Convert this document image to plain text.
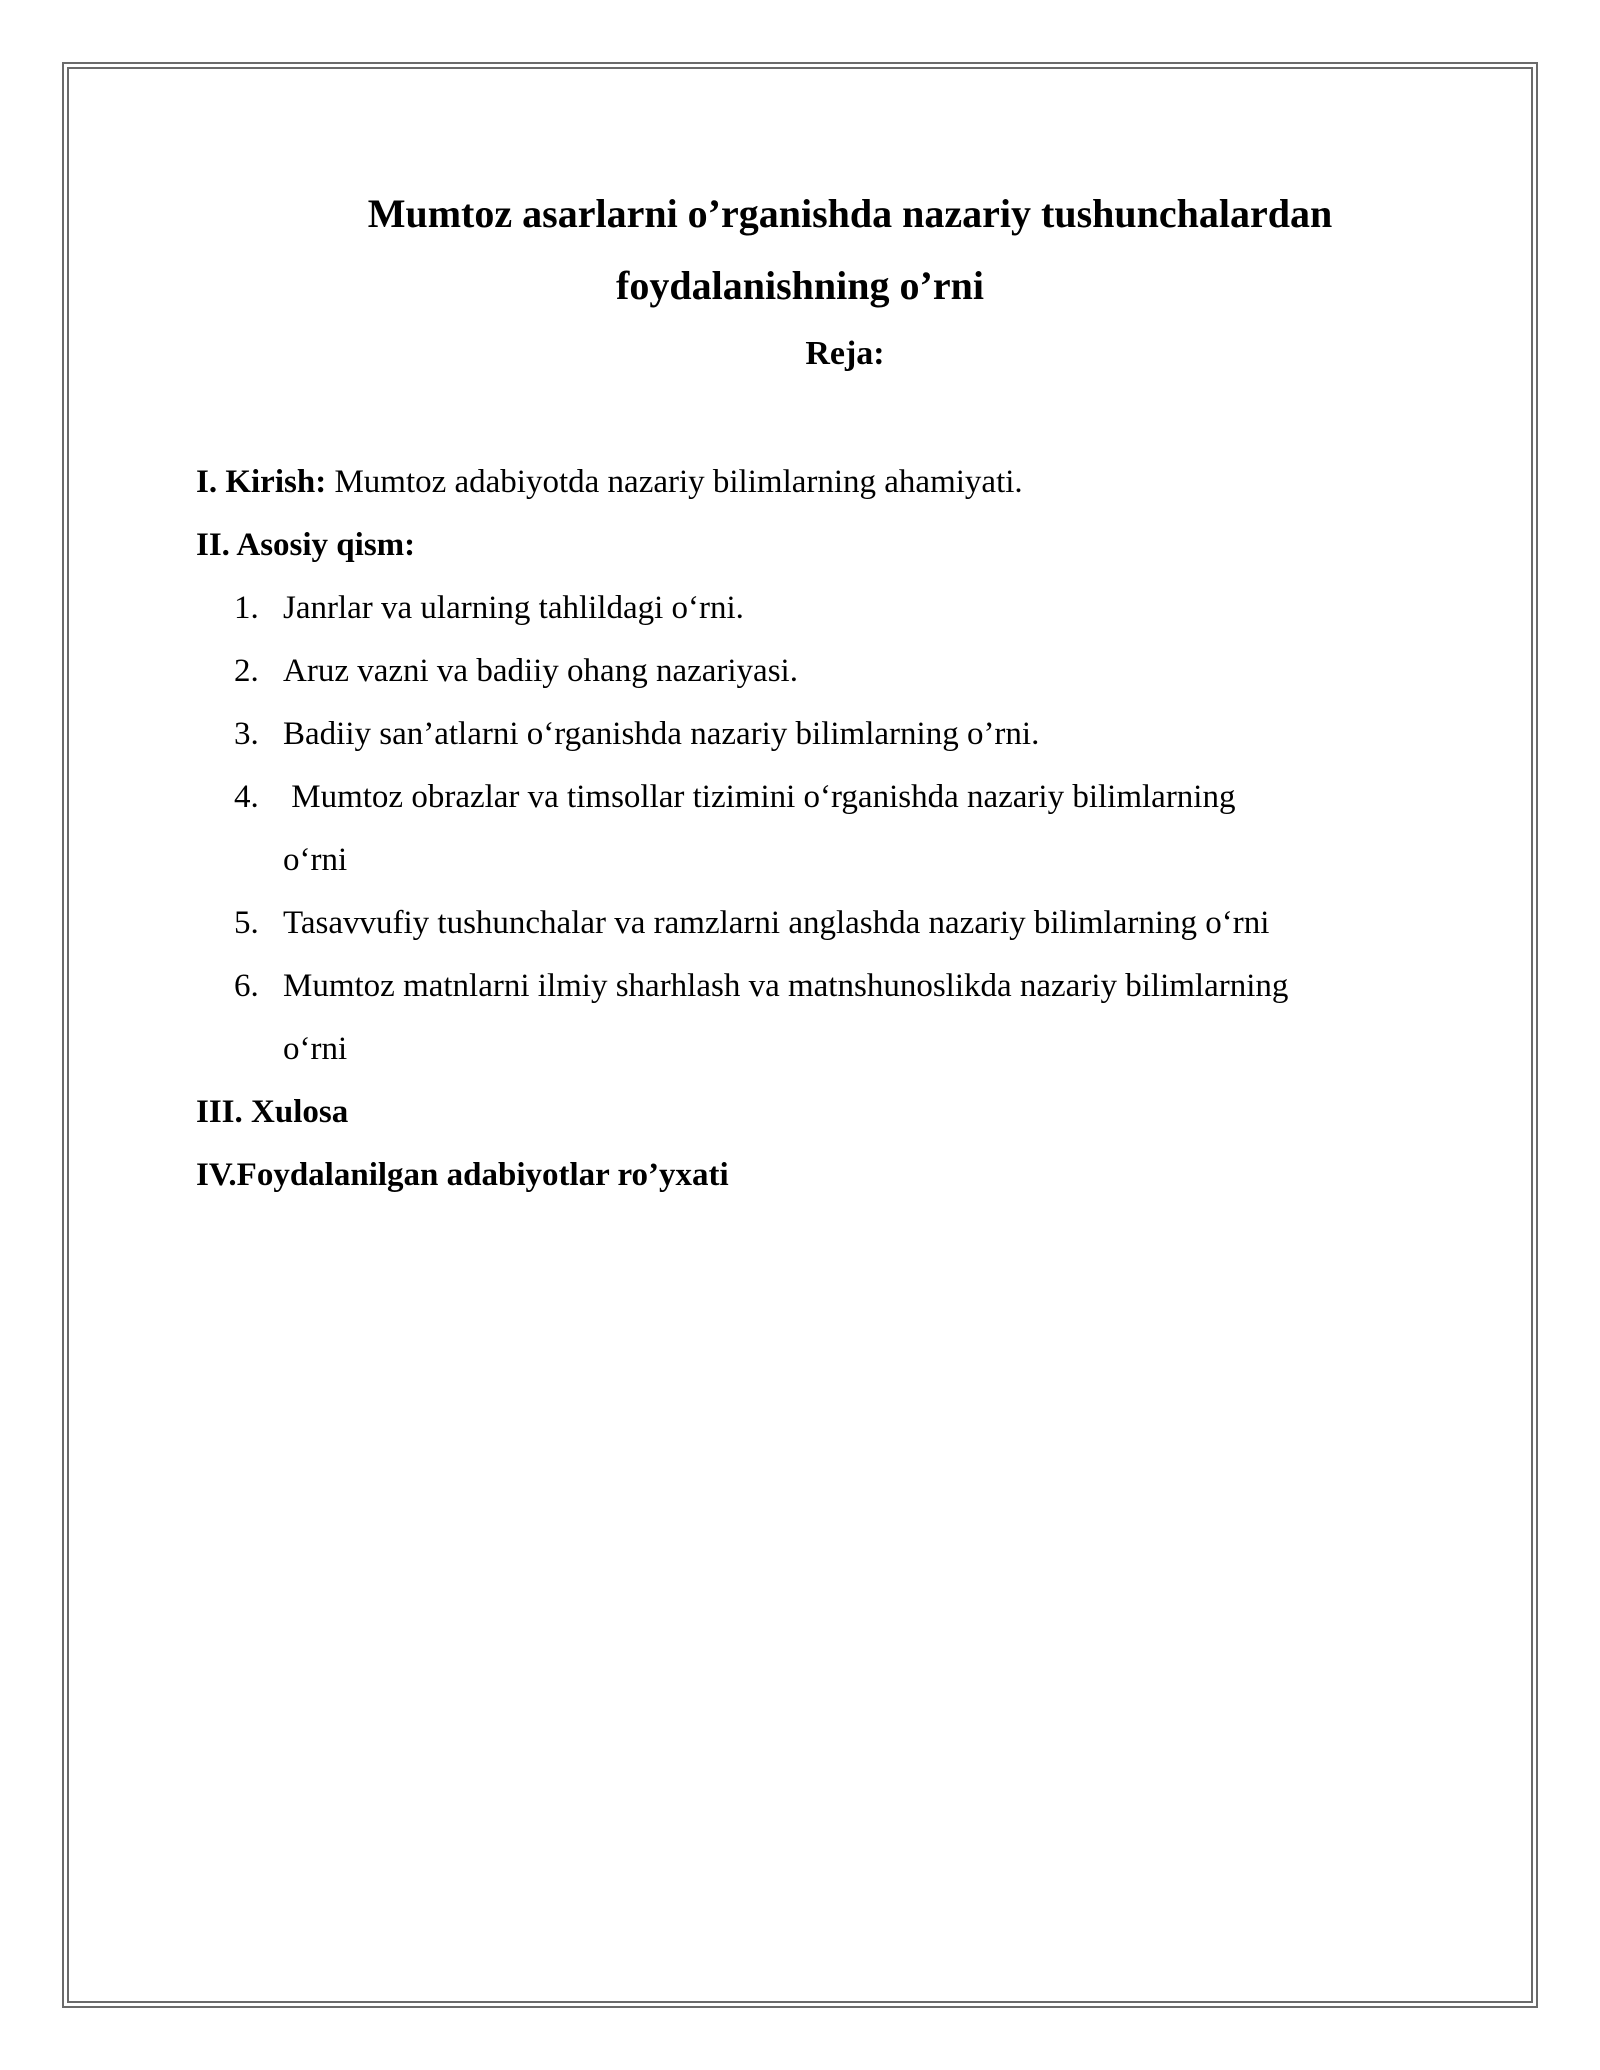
Mumtoz asarlarni o’rganishda nazariy tushunchalardan
foydalanishning o’rni
Reja:
I. Kirish: Mumtoz adabiyotda nazariy bilimlarning ahamiyati.
II. Asosiy qism:
1. Janrlar va ularning tahlildagi o‘rni.
2. Aruz vazni va badiiy ohang nazariyasi.
3. Badiiy san’atlarni o‘rganishda nazariy bilimlarning o’rni.
4. Mumtoz obrazlar va timsollar tizimini o‘rganishda nazariy bilimlarning
o‘rni
5. Tasavvufiy tushunchalar va ramzlarni anglashda nazariy bilimlarning o‘rni
6. Mumtoz matnlarni ilmiy sharhlash va matnshunoslikda nazariy bilimlarning
o‘rni
III. Xulosa
IV.Foydalanilgan adabiyotlar ro’yxati
